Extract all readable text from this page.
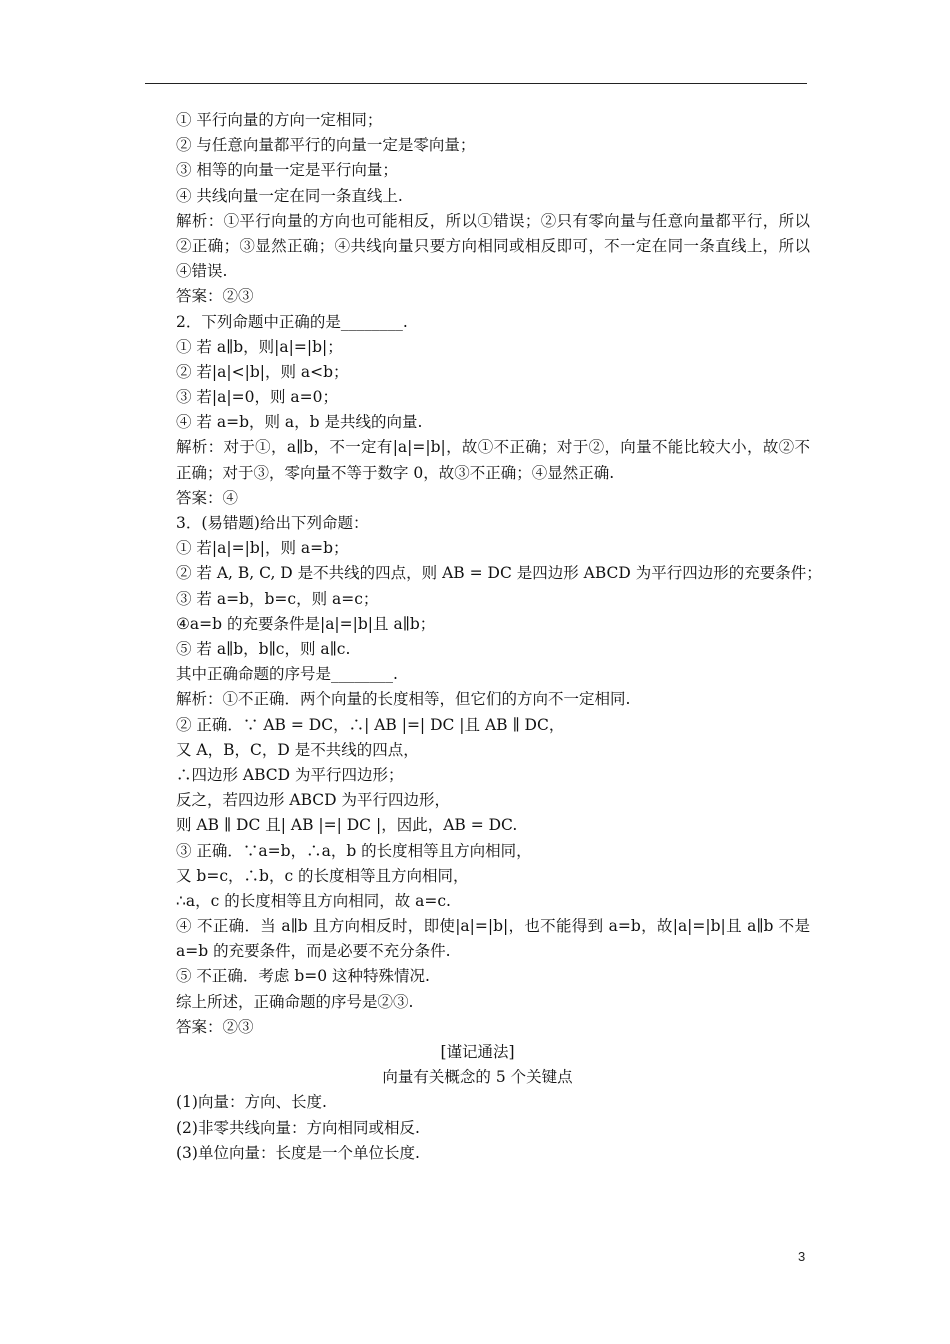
① 平行向量的方向一定相同；
② 与任意向量都平行的向量一定是零向量；
③ 相等的向量一定是平行向量；
④ 共线向量一定在同一条直线上.
解析：①平行向量的方向也可能相反，所以①错误；②只有零向量与任意向量都平行，所以②正确；③显然正确；④共线向量只要方向相同或相反即可，不一定在同一条直线上，所以④错误.
答案：②③
2．下列命题中正确的是________.
① 若 a∥b，则|a|=|b|；
② 若|a|<|b|，则 a<b；
③ 若|a|=0，则 a=0；
④ 若 a=b，则 a，b 是共线的向量.
解析：对于①，a∥b，不一定有|a|=|b|，故①不正确；对于②，向量不能比较大小，故②不正确；对于③，零向量不等于数字 0，故③不正确；④显然正确.
答案：④
3．(易错题)给出下列命题：
① 若|a|=|b|，则 a=b；
② 若 A, B, C, D 是不共线的四点，则 AB = DC 是四边形 ABCD 为平行四边形的充要条件；
③ 若 a=b，b=c，则 a=c；
④a=b 的充要条件是|a|=|b|且 a∥b；
⑤ 若 a∥b，b∥c，则 a∥c.
其中正确命题的序号是________.
解析：①不正确．两个向量的长度相等，但它们的方向不一定相同.
② 正确．∵ AB = DC，∴| AB |=| DC |且 AB ∥ DC，
又 A，B，C，D 是不共线的四点，
∴四边形 ABCD 为平行四边形；
反之，若四边形 ABCD 为平行四边形，
则 AB ∥ DC 且| AB |=| DC |，因此，AB = DC.
③ 正确．∵a=b，∴a，b 的长度相等且方向相同，
又 b=c，∴b，c 的长度相等且方向相同，
∴a，c 的长度相等且方向相同，故 a=c.
④ 不正确．当 a∥b 且方向相反时，即使|a|=|b|，也不能得到 a=b，故|a|=|b|且 a∥b 不是 a=b 的充要条件，而是必要不充分条件.
⑤ 不正确．考虑 b=0 这种特殊情况.
综上所述，正确命题的序号是②③.
答案：②③
[谨记通法]
向量有关概念的 5 个关键点
(1)向量：方向、长度.
(2)非零共线向量：方向相同或相反.
(3)单位向量：长度是一个单位长度.
3
